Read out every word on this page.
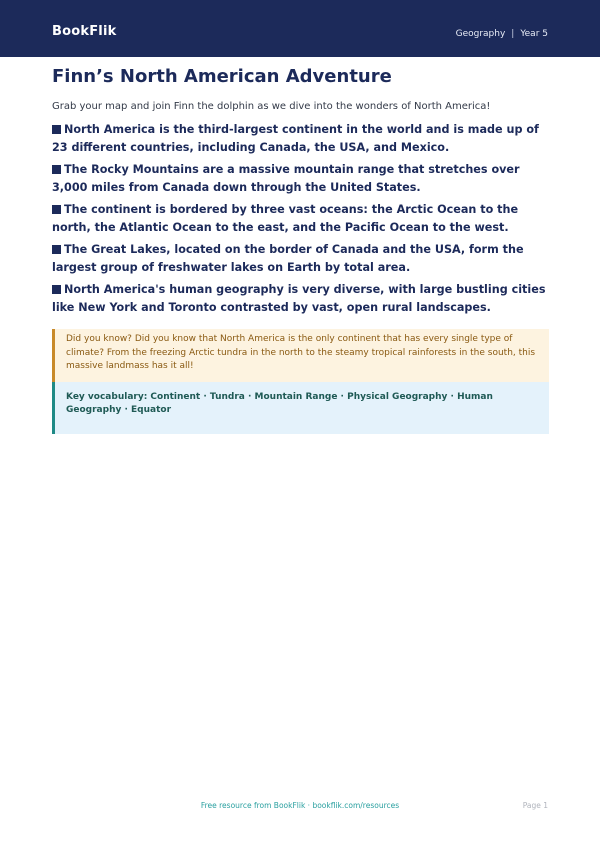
BookFlik	Geography | Year 5
Finn’s North American Adventure

Grab your map and join Finn the dolphin as we dive into the wonders of North America!

North America is the third-largest continent in the world and is made up of 23 different countries, including Canada, the USA, and Mexico.
The Rocky Mountains are a massive mountain range that stretches over 3,000 miles from Canada down through the United States.
The continent is bordered by three vast oceans: the Arctic Ocean to the north, the Atlantic Ocean to the east, and the Pacific Ocean to the west.
The Great Lakes, located on the border of Canada and the USA, form the largest group of freshwater lakes on Earth by total area.
North America's human geography is very diverse, with large bustling cities like New York and Toronto contrasted by vast, open rural landscapes.
Did you know? Did you know that North America is the only continent that has every single type of climate? From the freezing Arctic tundra in the north to the steamy tropical rainforests in the south, this massive landmass has it all!
Key vocabulary: Continent · Tundra · Mountain Range · Physical Geography · Human Geography · Equator
Free resource from BookFlik · bookflik.com/resources	Page 1
